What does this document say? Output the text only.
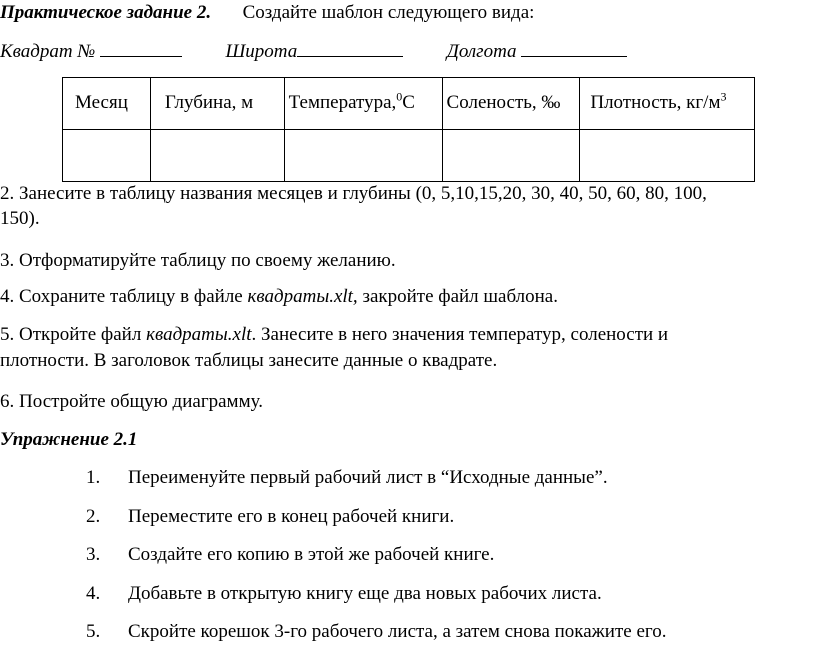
Практическое задание 2. Создайте шаблон следующего вида:
Квадрат №	Широта	Долгота
Месяц	Глубина, м	Температура,$^0$С	Соленость, ‰	Плотность, $кг/м^3$

2. Занесите в таблицу названия месяцев и глубины (0, 5,10,15,20, 30, 40, 50, 60, 80, 100,
150).
3. Отформатируйте таблицу по своему желанию.
4. Сохраните таблицу в файле квадраты.xlt, закройте файл шаблона.
5. Откройте файл квадраты.xlt. Занесите в него значения температур, солености и
плотности. В заголовок таблицы занесите данные о квадрате.
6. Постройте общую диаграмму.
Упражнение 2.1
1. Переименуйте первый рабочий лист в “Исходные данные”.
2. Переместите его в конец рабочей книги.
3. Создайте его копию в этой же рабочей книге.
4. Добавьте в открытую книгу еще два новых рабочих листа.
5. Скройте корешок 3-го рабочего листа, а затем снова покажите его.
